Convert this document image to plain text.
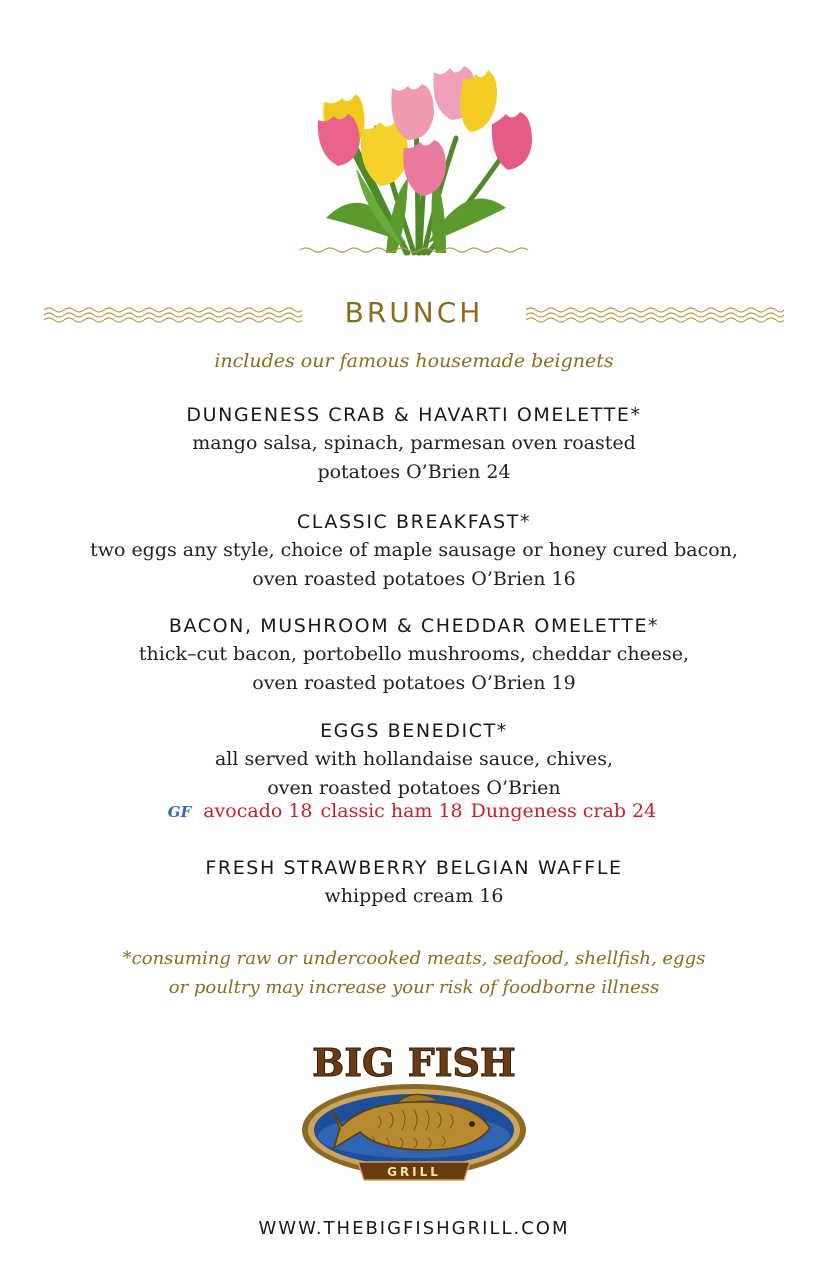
BRUNCH
includes our famous housemade beignets
DUNGENESS CRAB & HAVARTI OMELETTE*
mango salsa, spinach, parmesan oven roasted
potatoes O’Brien 24
CLASSIC BREAKFAST*
two eggs any style, choice of maple sausage or honey cured bacon,
oven roasted potatoes O’Brien 16
BACON, MUSHROOM & CHEDDAR OMELETTE*
thick–cut bacon, portobello mushrooms, cheddar cheese,
oven roasted potatoes O’Brien 19
EGGS BENEDICT*
all served with hollandaise sauce, chives,
oven roasted potatoes O’Brien
GF avocado 18 classic ham 18 Dungeness crab 24
FRESH STRAWBERRY BELGIAN WAFFLE
whipped cream 16
*consuming raw or undercooked meats, seafood, shellfish, eggs
or poultry may increase your risk of foodborne illness
BIG FISH
GRILL
WWW.THEBIGFISHGRILL.COM
